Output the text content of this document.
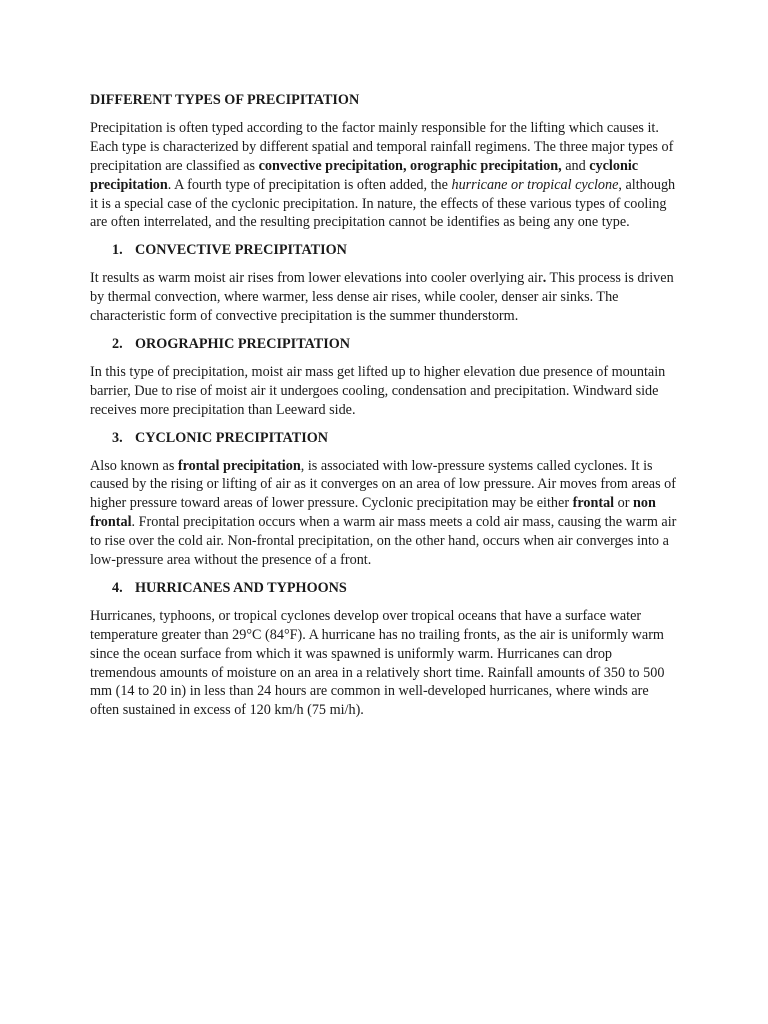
DIFFERENT TYPES OF PRECIPITATION

Precipitation is often typed according to the factor mainly responsible for the lifting which causes it. Each type is characterized by different spatial and temporal rainfall regimens. The three major types of precipitation are classified as convective precipitation, orographic precipitation, and cyclonic precipitation. A fourth type of precipitation is often added, the hurricane or tropical cyclone, although it is a special case of the cyclonic precipitation. In nature, the effects of these various types of cooling are often interrelated, and the resulting precipitation cannot be identifies as being any one type.

1. CONVECTIVE PRECIPITATION

It results as warm moist air rises from lower elevations into cooler overlying air. This process is driven by thermal convection, where warmer, less dense air rises, while cooler, denser air sinks. The characteristic form of convective precipitation is the summer thunderstorm.

2. OROGRAPHIC PRECIPITATION

In this type of precipitation, moist air mass get lifted up to higher elevation due presence of mountain barrier, Due to rise of moist air it undergoes cooling, condensation and precipitation. Windward side receives more precipitation than Leeward side.

3. CYCLONIC PRECIPITATION

Also known as frontal precipitation, is associated with low-pressure systems called cyclones. It is caused by the rising or lifting of air as it converges on an area of low pressure. Air moves from areas of higher pressure toward areas of lower pressure. Cyclonic precipitation may be either frontal or non frontal. Frontal precipitation occurs when a warm air mass meets a cold air mass, causing the warm air to rise over the cold air. Non-frontal precipitation, on the other hand, occurs when air converges into a low-pressure area without the presence of a front.

4. HURRICANES AND TYPHOONS

Hurricanes, typhoons, or tropical cyclones develop over tropical oceans that have a surface water temperature greater than 29°C (84°F). A hurricane has no trailing fronts, as the air is uniformly warm since the ocean surface from which it was spawned is uniformly warm. Hurricanes can drop tremendous amounts of moisture on an area in a relatively short time. Rainfall amounts of 350 to 500 mm (14 to 20 in) in less than 24 hours are common in well-developed hurricanes, where winds are often sustained in excess of 120 km/h (75 mi/h).
